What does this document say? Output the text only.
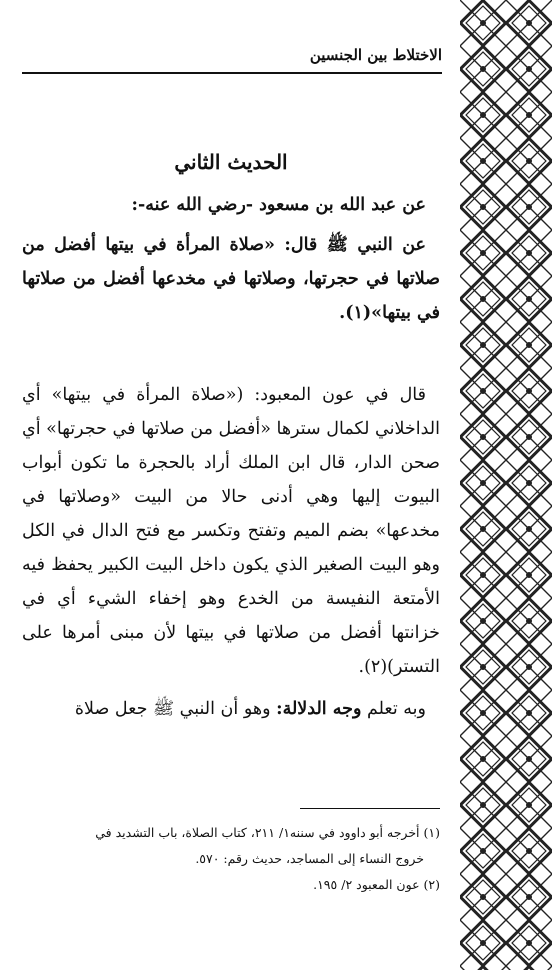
الاختلاط بين الجنسين
الحديث الثاني

عن عبد الله بن مسعود -رضي الله عنه-:

عن النبي ﷺ قال: «صلاة المرأة في بيتها أفضل من صلاتها في حجرتها، وصلاتها في مخدعها أفضل من صلاتها في بيتها»(١).

قال في عون المعبود: («صلاة المرأة في بيتها» أي الداخلاني لكمال سترها «أفضل من صلاتها في حجرتها» أي صحن الدار، قال ابن الملك أراد بالحجرة ما تكون أبواب البيوت إليها وهي أدنى حالا من البيت «وصلاتها في مخدعها» بضم الميم وتفتح وتكسر مع فتح الدال في الكل وهو البيت الصغير الذي يكون داخل البيت الكبير يحفظ فيه الأمتعة النفيسة من الخدع وهو إخفاء الشيء أي في خزانتها أفضل من صلاتها في بيتها لأن مبنى أمرها على التستر)(٢).

وبه تعلم وجه الدلالة: وهو أن النبي ﷺ جعل صلاة

(١) أخرجه أبو داوود في سننه١/ ٢١١، كتاب الصلاة، باب التشديد في

خروج النساء إلى المساجد، حديث رقم: ٥٧٠.

(٢) عون المعبود ٢/ ١٩٥.
